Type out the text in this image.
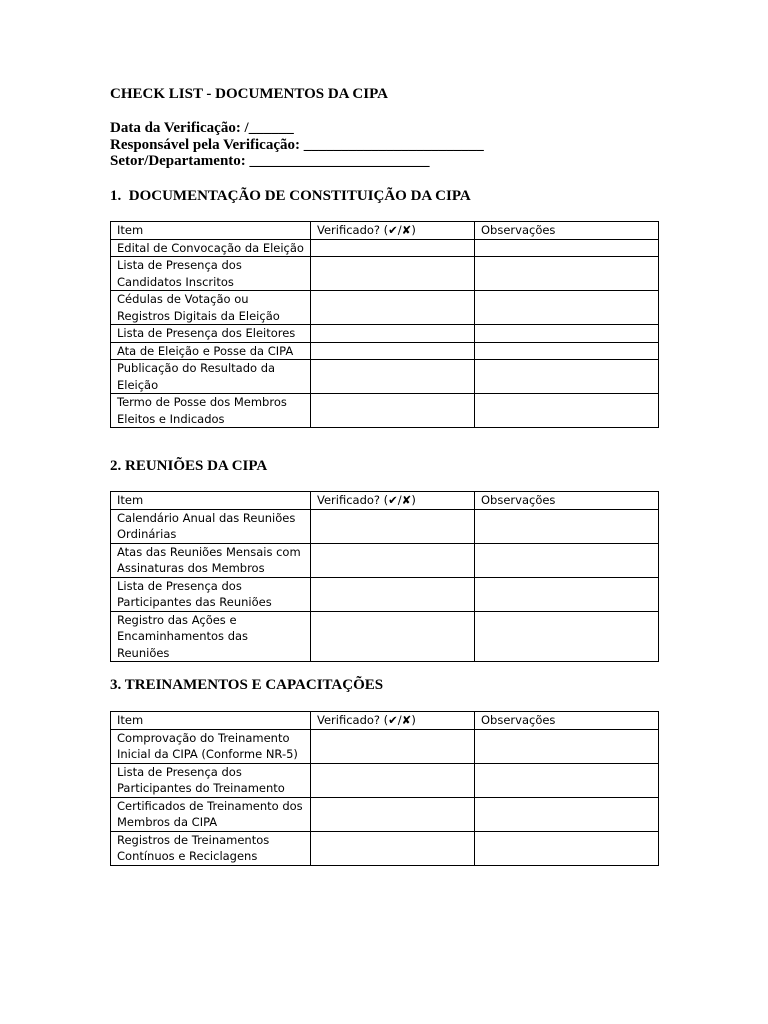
CHECK LIST - DOCUMENTOS DA CIPA
Data da Verificação: /______
Responsável pela Verificação: ________________________
Setor/Departamento: ________________________
1.  DOCUMENTAÇÃO DE CONSTITUIÇÃO DA CIPA
Item	Verificado? (✔/✘)	Observações
Edital de Convocação da Eleição		
Lista de Presença dos Candidatos Inscritos		
Cédulas de Votação ou Registros Digitais da Eleição		
Lista de Presença dos Eleitores		
Ata de Eleição e Posse da CIPA		
Publicação do Resultado da Eleição		
Termo de Posse dos Membros Eleitos e Indicados		
2. REUNIÕES DA CIPA
Item	Verificado? (✔/✘)	Observações
Calendário Anual das Reuniões Ordinárias		
Atas das Reuniões Mensais com Assinaturas dos Membros		
Lista de Presença dos Participantes das Reuniões		
Registro das Ações e Encaminhamentos das Reuniões		
3. TREINAMENTOS E CAPACITAÇÕES
Item	Verificado? (✔/✘)	Observações
Comprovação do Treinamento Inicial da CIPA (Conforme NR-5)		
Lista de Presença dos Participantes do Treinamento		
Certificados de Treinamento dos Membros da CIPA		
Registros de Treinamentos Contínuos e Reciclagens		
